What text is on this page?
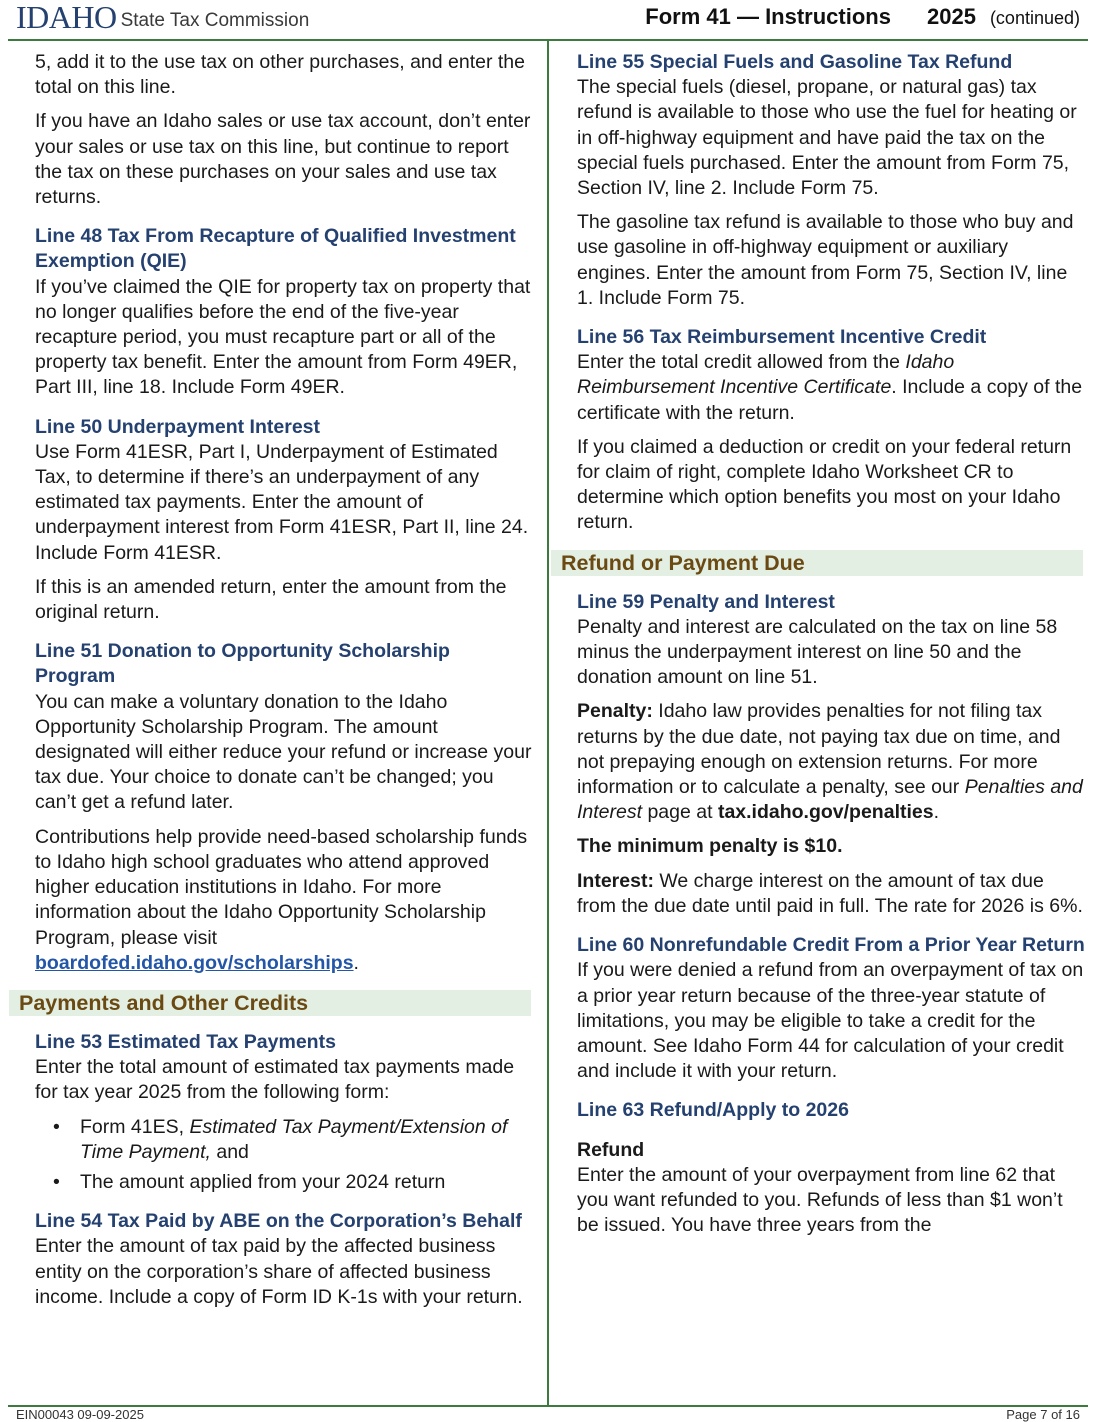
IDAHO State Tax Commission	Form 41 — Instructions 2025 (continued)

5, add it to the use tax on other purchases, and enter the total on this line.

If you have an Idaho sales or use tax account, don’t enter your sales or use tax on this line, but continue to report the tax on these purchases on your sales and use tax returns.

Line 48 Tax From Recapture of Qualified Investment Exemption (QIE)

If you’ve claimed the QIE for property tax on property that no longer qualifies before the end of the five-year recapture period, you must recapture part or all of the property tax benefit. Enter the amount from Form 49ER, Part III, line 18. Include Form 49ER.

Line 50 Underpayment Interest

Use Form 41ESR, Part I, Underpayment of Estimated Tax, to determine if there’s an underpayment of any estimated tax payments. Enter the amount of underpayment interest from Form 41ESR, Part II, line 24. Include Form 41ESR.

If this is an amended return, enter the amount from the original return.

Line 51 Donation to Opportunity Scholarship Program

You can make a voluntary donation to the Idaho Opportunity Scholarship Program. The amount designated will either reduce your refund or increase your tax due. Your choice to donate can’t be changed; you can’t get a refund later.

Contributions help provide need-based scholarship funds to Idaho high school graduates who attend approved higher education institutions in Idaho. For more information about the Idaho Opportunity Scholarship Program, please visit boardofed.idaho.gov/scholarships.

Payments and Other Credits
Line 53 Estimated Tax Payments

Enter the total amount of estimated tax payments made for tax year 2025 from the following form:

• Form 41ES, Estimated Tax Payment/Extension of Time Payment, and
• The amount applied from your 2024 return
Line 54 Tax Paid by ABE on the Corporation’s Behalf

Enter the amount of tax paid by the affected business entity on the corporation’s share of affected business income. Include a copy of Form ID K-1s with your return.

Line 55 Special Fuels and Gasoline Tax Refund

The special fuels (diesel, propane, or natural gas) tax refund is available to those who use the fuel for heating or in off-highway equipment and have paid the tax on the special fuels purchased. Enter the amount from Form 75, Section IV, line 2. Include Form 75.

The gasoline tax refund is available to those who buy and use gasoline in off-highway equipment or auxiliary engines. Enter the amount from Form 75, Section IV, line 1. Include Form 75.

Line 56 Tax Reimbursement Incentive Credit

Enter the total credit allowed from the Idaho Reimbursement Incentive Certificate. Include a copy of the certificate with the return.

If you claimed a deduction or credit on your federal return for claim of right, complete Idaho Worksheet CR to determine which option benefits you most on your Idaho return.

Refund or Payment Due
Line 59 Penalty and Interest

Penalty and interest are calculated on the tax on line 58 minus the underpayment interest on line 50 and the donation amount on line 51.

Penalty: Idaho law provides penalties for not filing tax returns by the due date, not paying tax due on time, and not prepaying enough on extension returns. For more information or to calculate a penalty, see our Penalties and Interest page at tax.idaho.gov/penalties.

The minimum penalty is $10.

Interest: We charge interest on the amount of tax due from the due date until paid in full. The rate for 2026 is 6%.

Line 60 Nonrefundable Credit From a Prior Year Return

If you were denied a refund from an overpayment of tax on a prior year return because of the three-year statute of limitations, you may be eligible to take a credit for the amount. See Idaho Form 44 for calculation of your credit and include it with your return.

Line 63 Refund/Apply to 2026
Refund

Enter the amount of your overpayment from line 62 that you want refunded to you. Refunds of less than $1 won’t be issued. You have three years from the

EIN00043 09-09-2025	Page 7 of 16
